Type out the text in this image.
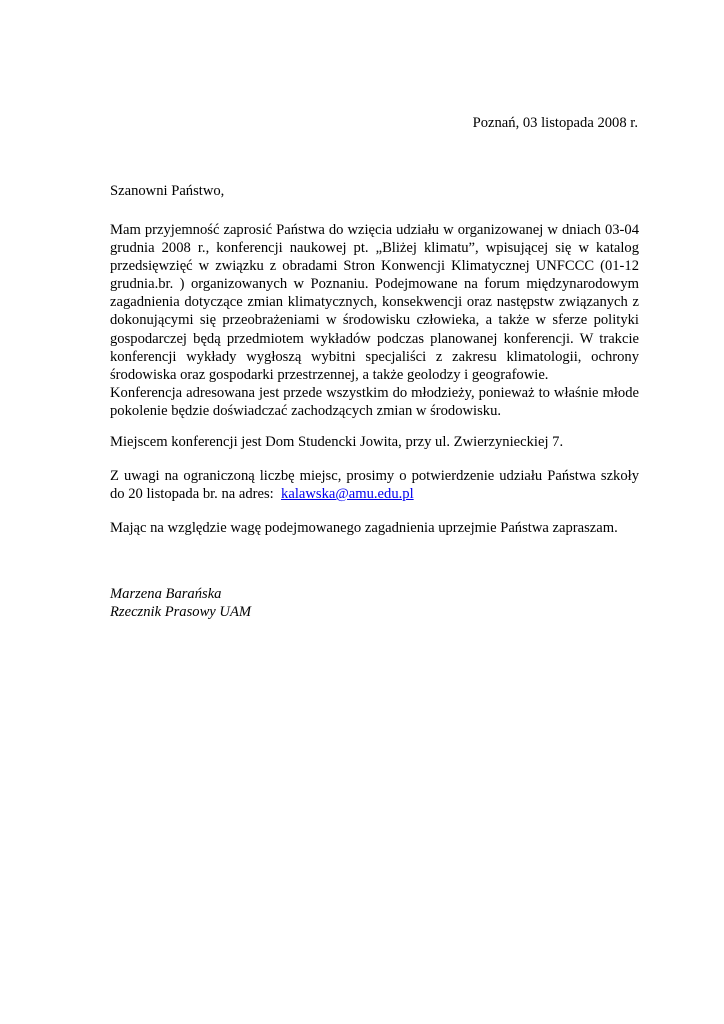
Poznań, 03 listopada 2008 r.
Szanowni Państwo,
Mam przyjemność zaprosić Państwa do wzięcia udziału w organizowanej w dniach 03-04 grudnia 2008 r., konferencji naukowej pt. „Bliżej klimatu”, wpisującej się w katalog przedsięwzięć w związku z obradami Stron Konwencji Klimatycznej UNFCCC (01-12 grudnia.br. ) organizowanych w Poznaniu. Podejmowane na forum międzynarodowym zagadnienia dotyczące zmian klimatycznych, konsekwencji oraz następstw związanych z dokonującymi się przeobrażeniami w środowisku człowieka, a także w sferze polityki gospodarczej będą przedmiotem wykładów podczas planowanej konferencji. W trakcie konferencji wykłady wygłoszą wybitni specjaliści z zakresu klimatologii, ochrony środowiska oraz gospodarki przestrzennej, a także geolodzy i geografowie.
Konferencja adresowana jest przede wszystkim do młodzieży, ponieważ to właśnie młode pokolenie będzie doświadczać zachodzących zmian w środowisku.
Miejscem konferencji jest Dom Studencki Jowita, przy ul. Zwierzyniecki‌ej 7.
Z uwagi na ograniczoną liczbę miejsc, prosimy o potwierdzenie udziału Państwa szkoły do 20 listopada br. na adres: kalawska@amu.edu.pl
Mając na względzie wagę podejmowanego zagadnienia uprzejmie Państwa zapraszam.
Marzena Barańska
Rzecznik Prasowy UAM
